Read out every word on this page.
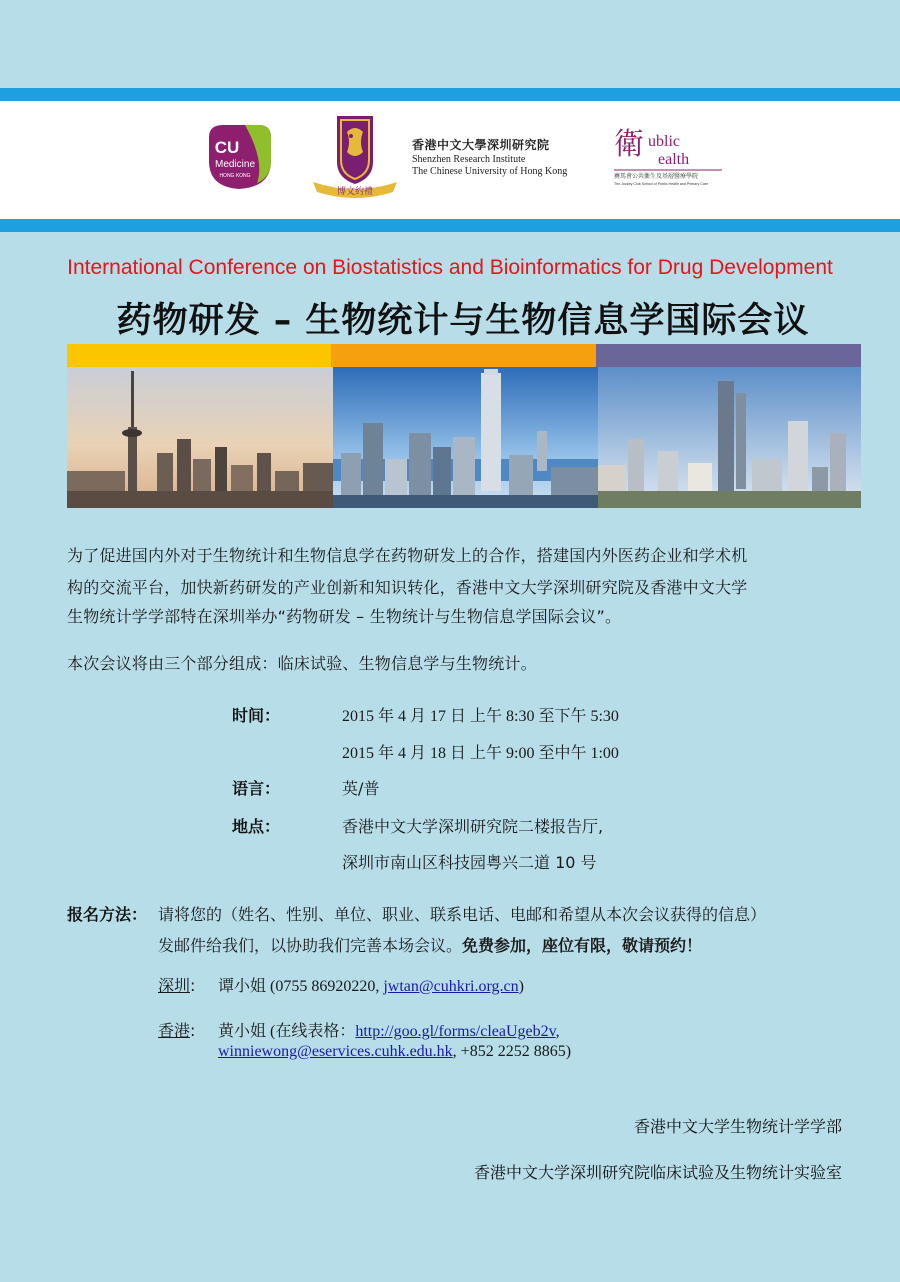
CU
Medicine
HONG KONG
博文約禮
香港中文大學深圳研究院
Shenzhen Research Institute
The Chinese University of Hong Kong
衛 ublic
ealth
賽馬會公共衞生及基層醫療學院
The Jockey Club School of Public Health and Primary Care
International Conference on Biostatistics and Bioinformatics for Drug Development
药物研发 – 生物统计与生物信息学国际会议
为了促进国内外对于生物统计和生物信息学在药物研发上的合作，搭建国内外医药企业和学术机
构的交流平台，加快新药研发的产业创新和知识转化，香港中文大学深圳研究院及香港中文大学
生物统计学学部特在深圳举办“药物研发 – 生物统计与生物信息学国际会议”。
本次会议将由三个部分组成：临床试验、生物信息学与生物统计。
时间：	2015 年 4 月 17 日 上午 8:30 至下午 5:30
2015 年 4 月 18 日 上午 9:00 至中午 1:00
语言：	英/普
地点：	香港中文大学深圳研究院二楼报告厅,
深圳市南山区科技园粤兴二道 10 号
报名方法： 请将您的（姓名、性别、单位、职业、联系电话、电邮和希望从本次会议获得的信息）
发邮件给我们，以协助我们完善本场会议。免费参加，座位有限，敬请预约！
深圳: 谭小姐 (0755 86920220, jwtan@cuhkri.org.cn)
香港: 黄小姐 (在线表格：http://goo.gl/forms/cleaUgeb2v,
winniewong@eservices.cuhk.edu.hk, +852 2252 8865)
香港中文大学生物统计学学部
香港中文大学深圳研究院临床试验及生物统计实验室
